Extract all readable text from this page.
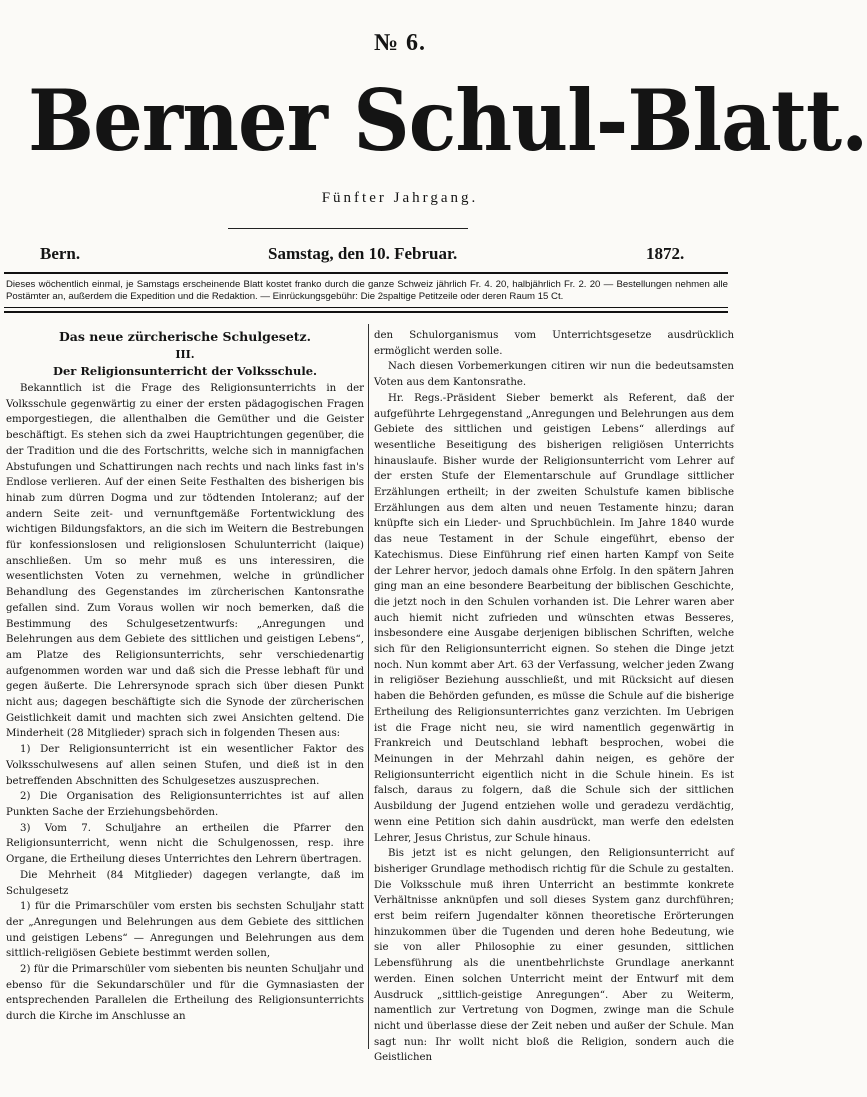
№ 6.
Berner Schul-Blatt.
Fünfter Jahrgang.
Bern.	Samstag, den 10. Februar.	1872.
Dieses wöchentlich einmal, je Samstags erscheinende Blatt kostet franko durch die ganze Schweiz jährlich Fr. 4. 20, halbjährlich Fr. 2. 20 — Bestellungen nehmen alle Postämter an, außerdem die Expedition und die Redaktion. — Einrückungsgebühr: Die 2spaltige Petitzeile oder deren Raum 15 Ct.
Das neue zürcherische Schulgesetz.
III.
Der Religionsunterricht der Volksschule.

Bekanntlich ist die Frage des Religionsunterrichts in der Volksschule gegenwärtig zu einer der ersten pädagogischen Fragen emporgestiegen, die allenthalben die Gemüther und die Geister beschäftigt. Es stehen sich da zwei Hauptrichtungen gegenüber, die der Tradition und die des Fortschritts, welche sich in mannigfachen Abstufungen und Schattirungen nach rechts und nach links fast in's Endlose verlieren. Auf der einen Seite Festhalten des bisherigen bis hinab zum dürren Dogma und zur tödtenden Intoleranz; auf der andern Seite zeit- und vernunftgemäße Fortentwicklung des wichtigen Bildungsfaktors, an die sich im Weitern die Bestrebungen für konfessionslosen und religionslosen Schulunterricht (laique) anschließen. Um so mehr muß es uns interessiren, die wesentlichsten Voten zu vernehmen, welche in gründlicher Behandlung des Gegenstandes im zürcherischen Kantonsrathe gefallen sind. Zum Voraus wollen wir noch bemerken, daß die Bestimmung des Schulgesetzentwurfs: „Anregungen und Belehrungen aus dem Gebiete des sittlichen und geistigen Lebens“, am Platze des Religionsunterrichts, sehr verschiedenartig aufgenommen worden war und daß sich die Presse lebhaft für und gegen äußerte. Die Lehrersynode sprach sich über diesen Punkt nicht aus; dagegen beschäftigte sich die Synode der zürcherischen Geistlichkeit damit und machten sich zwei Ansichten geltend. Die Minderheit (28 Mitglieder) sprach sich in folgenden Thesen aus:

1) Der Religionsunterricht ist ein wesentlicher Faktor des Volksschulwesens auf allen seinen Stufen, und dieß ist in den betreffenden Abschnitten des Schulgesetzes auszusprechen.

2) Die Organisation des Religionsunterrichtes ist auf allen Punkten Sache der Erziehungsbehörden.

3) Vom 7. Schuljahre an ertheilen die Pfarrer den Religionsunterricht, wenn nicht die Schulgenossen, resp. ihre Organe, die Ertheilung dieses Unterrichtes den Lehrern übertragen.

Die Mehrheit (84 Mitglieder) dagegen verlangte, daß im Schulgesetz

1) für die Primarschüler vom ersten bis sechsten Schuljahr statt der „Anregungen und Belehrungen aus dem Gebiete des sittlichen und geistigen Lebens“ — Anregungen und Belehrungen aus dem sittlich-religiösen Gebiete bestimmt werden sollen,

2) für die Primarschüler vom siebenten bis neunten Schuljahr und ebenso für die Sekundarschüler und für die Gymnasiasten der entsprechenden Parallelen die Ertheilung des Religionsunterrichts durch die Kirche im Anschlusse an

den Schulorganismus vom Unterrichtsgesetze ausdrücklich ermöglicht werden solle.

Nach diesen Vorbemerkungen citiren wir nun die bedeutsamsten Voten aus dem Kantonsrathe.

Hr. Regs.-Präsident Sieber bemerkt als Referent, daß der aufgeführte Lehrgegenstand „Anregungen und Belehrungen aus dem Gebiete des sittlichen und geistigen Lebens“ allerdings auf wesentliche Beseitigung des bisherigen religiösen Unterrichts hinauslaufe. Bisher wurde der Religionsunterricht vom Lehrer auf der ersten Stufe der Elementarschule auf Grundlage sittlicher Erzählungen ertheilt; in der zweiten Schulstufe kamen biblische Erzählungen aus dem alten und neuen Testamente hinzu; daran knüpfte sich ein Lieder- und Spruchbüchlein. Im Jahre 1840 wurde das neue Testament in der Schule eingeführt, ebenso der Katechismus. Diese Einführung rief einen harten Kampf von Seite der Lehrer hervor, jedoch damals ohne Erfolg. In den spätern Jahren ging man an eine besondere Bearbeitung der biblischen Geschichte, die jetzt noch in den Schulen vorhanden ist. Die Lehrer waren aber auch hiemit nicht zufrieden und wünschten etwas Besseres, insbesondere eine Ausgabe derjenigen biblischen Schriften, welche sich für den Religionsunterricht eignen. So stehen die Dinge jetzt noch. Nun kommt aber Art. 63 der Verfassung, welcher jeden Zwang in religiöser Beziehung ausschließt, und mit Rücksicht auf diesen haben die Behörden gefunden, es müsse die Schule auf die bisherige Ertheilung des Religionsunterrichtes ganz verzichten. Im Uebrigen ist die Frage nicht neu, sie wird namentlich gegenwärtig in Frankreich und Deutschland lebhaft besprochen, wobei die Meinungen in der Mehrzahl dahin neigen, es gehöre der Religionsunterricht eigentlich nicht in die Schule hinein. Es ist falsch, daraus zu folgern, daß die Schule sich der sittlichen Ausbildung der Jugend entziehen wolle und geradezu verdächtig, wenn eine Petition sich dahin ausdrückt, man werfe den edelsten Lehrer, Jesus Christus, zur Schule hinaus.

Bis jetzt ist es nicht gelungen, den Religionsunterricht auf bisheriger Grundlage methodisch richtig für die Schule zu gestalten. Die Volksschule muß ihren Unterricht an bestimmte konkrete Verhältnisse anknüpfen und soll dieses System ganz durchführen; erst beim reifern Jugendalter können theoretische Erörterungen hinzukommen über die Tugenden und deren hohe Bedeutung, wie sie von aller Philosophie zu einer gesunden, sittlichen Lebensführung als die unentbehrlichste Grundlage anerkannt werden. Einen solchen Unterricht meint der Entwurf mit dem Ausdruck „sittlich-geistige Anregungen“. Aber zu Weiterm, namentlich zur Vertretung von Dogmen, zwinge man die Schule nicht und überlasse diese der Zeit neben und außer der Schule. Man sagt nun: Ihr wollt nicht bloß die Religion, sondern auch die Geistlichen
